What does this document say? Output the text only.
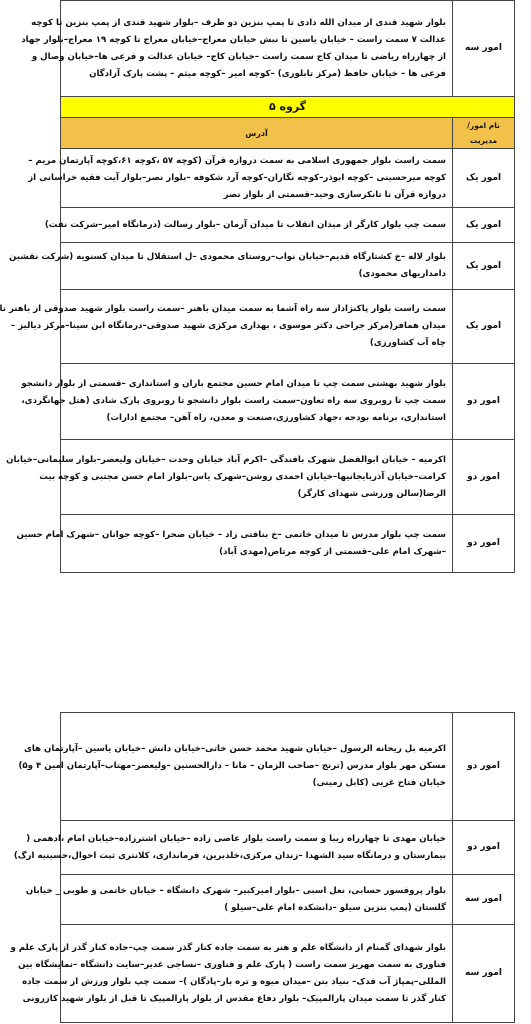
امور سه	بلوار شهید قندی از میدان الله دادی تا پمپ بنزین دو طرف –بلوار شهید قندی از پمپ بنزین تا کوچه
عدالت ۷ سمت راست – خیابان یاسین تا نبش خیابان معراج–خیابان معراج تا کوچه ۱۹ معراج–بلوار جهاد
از چهارراه ریاضی تا میدان کاج سمت راست –خیابان کاج– خیابان عدالت و فرعی ها–خیابان وصال و
فرعی ها – خیابان حافظ (مرکز تابلوری) –کوچه امیر –کوچه میثم – پشت پارک آزادگان

گروه ۵	
نام امور/مدیریت	آدرس
امور یک	سمت راست بلوار جمهوری اسلامی به سمت دروازه قرآن (کوچه ۵۷ ،کوچه ۶۱،کوچه آپارتمان مریم –
کوچه میرحسینی –کوچه ابوذر–کوچه نگاران–کوچه آرد شکوفه –بلوار نصر–بلوار آیت فقیه خراسانی از
دروازه قرآن تا تانکرسازی وحید–قسمتی از بلوار نصر

امور یک	سمت چپ بلوار کارگر از میدان انقلاب تا میدان آرمان –بلوار رسالت (درمانگاه امیر–شرکت نفت)

امور یک	بلوار لاله –خ کشتارگاه قدیم–خیابان نواب–روستای محمودی –ل استقلال تا میدان کسنویه (شرکت نقشین
دامداریهای محمودی)

امور یک	سمت راست بلوار پاکنژاداز سه راه آشما به سمت میدان باهنر –سمت راست بلوار شهید صدوقی از باهنر تا
میدان همافر(مرکز جراحی دکتر موسوی ، بهداری مرکزی شهید صدوقی–درمانگاه ابن سینا–مرکز دیالیز –
چاه آب کشاورزی)

امور دو	بلوار شهید بهشتی سمت چپ تا میدان امام حسین مجتمع باران و استانداری –قسمتی از بلوار دانشجو
سمت چپ تا روبروی سه راه تعاون–سمت راست بلوار دانشجو تا روبروی پارک شادی (هتل جهانگردی،
استانداری، برنامه بودجه ،جهاد کشاورزی،صنعت و معدن، راه آهن– مجتمع ادارات)

امور دو	اکرمیه – خیابان ابوالفضل شهرک بافندگی –اکرم آباد خیابان وحدت –خیابان ولیعصر–بلوار سلیمانی–خیابان
کرامت–خیابان آذربایجانیها–خیابان احمدی روشن–شهرک یاس–بلوار امام حسن مجتبی و کوچه بیت
الرضا(سالن ورزشی شهدای کارگر)

امور دو	سمت چپ بلوار مدرس تا میدان خاتمی –خ بنافتی زاد – خیابان صحرا –کوچه جوانان –شهرک امام حسین
–شهرک امام علی–قسمتی از کوچه مرتاض(مهدی آباد)
امور دو	اکرمیه بل ریحانه الرسول –خیابان شهید محمد حسن خاتی–خیابان دانش –خیابان یاسین –آپارتمان های
مسکن مهر بلوار مدرس (ترنج –صاحب الزمان – مانا – دارالحسنین –ولیعصر–مهتاب–آپارتمان امین ۴ و۵)
خیابان فتاح غربی (کابل زمینی)

امور دو	خیابان مهدی تا چهارراه زیبا و سمت راست بلوار عاصی زاده –خیابان اشترزاده–خیابان امام ،ادهمی (
بیمارستان و درمانگاه سید الشهدا –زندان مرکزی،خلدبرین، فرمانداری، کلانتری ثبت احوال،حسینیه ارگ)

امور سه	بلوار پروفسور حسابی، نعل اسبی –بلوار امیرکبیر– شهرک دانشگاه – خیابان خاتمی و طوبی _ خیابان
گلستان (پمپ بنزین سیلو –دانشکده امام علی–سیلو )

امور سه	بلوار شهدای گمنام از دانشگاه علم و هنر به سمت جاده کنار گذر سمت چپ–جاده کنار گذر از پارک علم و
فناوری به سمت مهریز سمت راست ( پارک علم و فناوری –نساجی غدیر–سایت دانشگاه –نمایشگاه بین
المللی–پمپاژ آب فدک– بنیاد بتن –میدان میوه و تره بار–پادگان )– سمت چپ بلوار ورزش از سمت جاده
کنار گذر تا سمت میدان پارالمپیک– بلوار دفاع مقدس از بلوار پارالمپیک تا قبل از بلوار شهید کازرونی
